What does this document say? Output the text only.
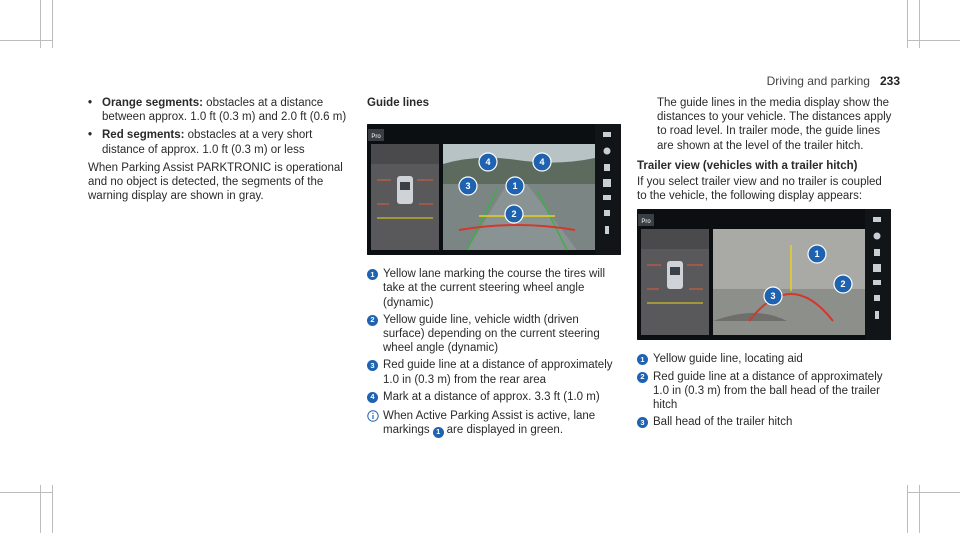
Driving and parking 233
• Orange segments: obstacles at a distance between approx. 1.0 ft (0.3 m) and 2.0 ft (0.6 m)
• Red segments: obstacles at a very short distance of approx. 1.0 ft (0.3 m) or less

When Parking Assist PARKTRONIC is operational and no object is detected, the segments of the warning display are shown in gray.

Guide lines
Pro
4	4
1
3
2
1 Yellow lane marking the course the tires will take at the current steering wheel angle (dynamic)
2 Yellow guide line, vehicle width (driven surface) depending on the current steering wheel angle (dynamic)
3 Red guide line at a distance of approximately 1.0 in (0.3 m) from the rear area
4 Mark at a distance of approx. 3.3 ft (1.0 m)
When Active Parking Assist is active, lane markings 1 are displayed in green.

The guide lines in the media display show the distances to your vehicle. The distances apply to road level. In trailer mode, the guide lines are shown at the level of the trailer hitch.

Trailer view (vehicles with a trailer hitch)

If you select trailer view and no trailer is coupled to the vehicle, the following display appears:

Pro
1
2
3
1 Yellow guide line, locating aid
2 Red guide line at a distance of approximately 1.0 in (0.3 m) from the ball head of the trailer hitch
3 Ball head of the trailer hitch
